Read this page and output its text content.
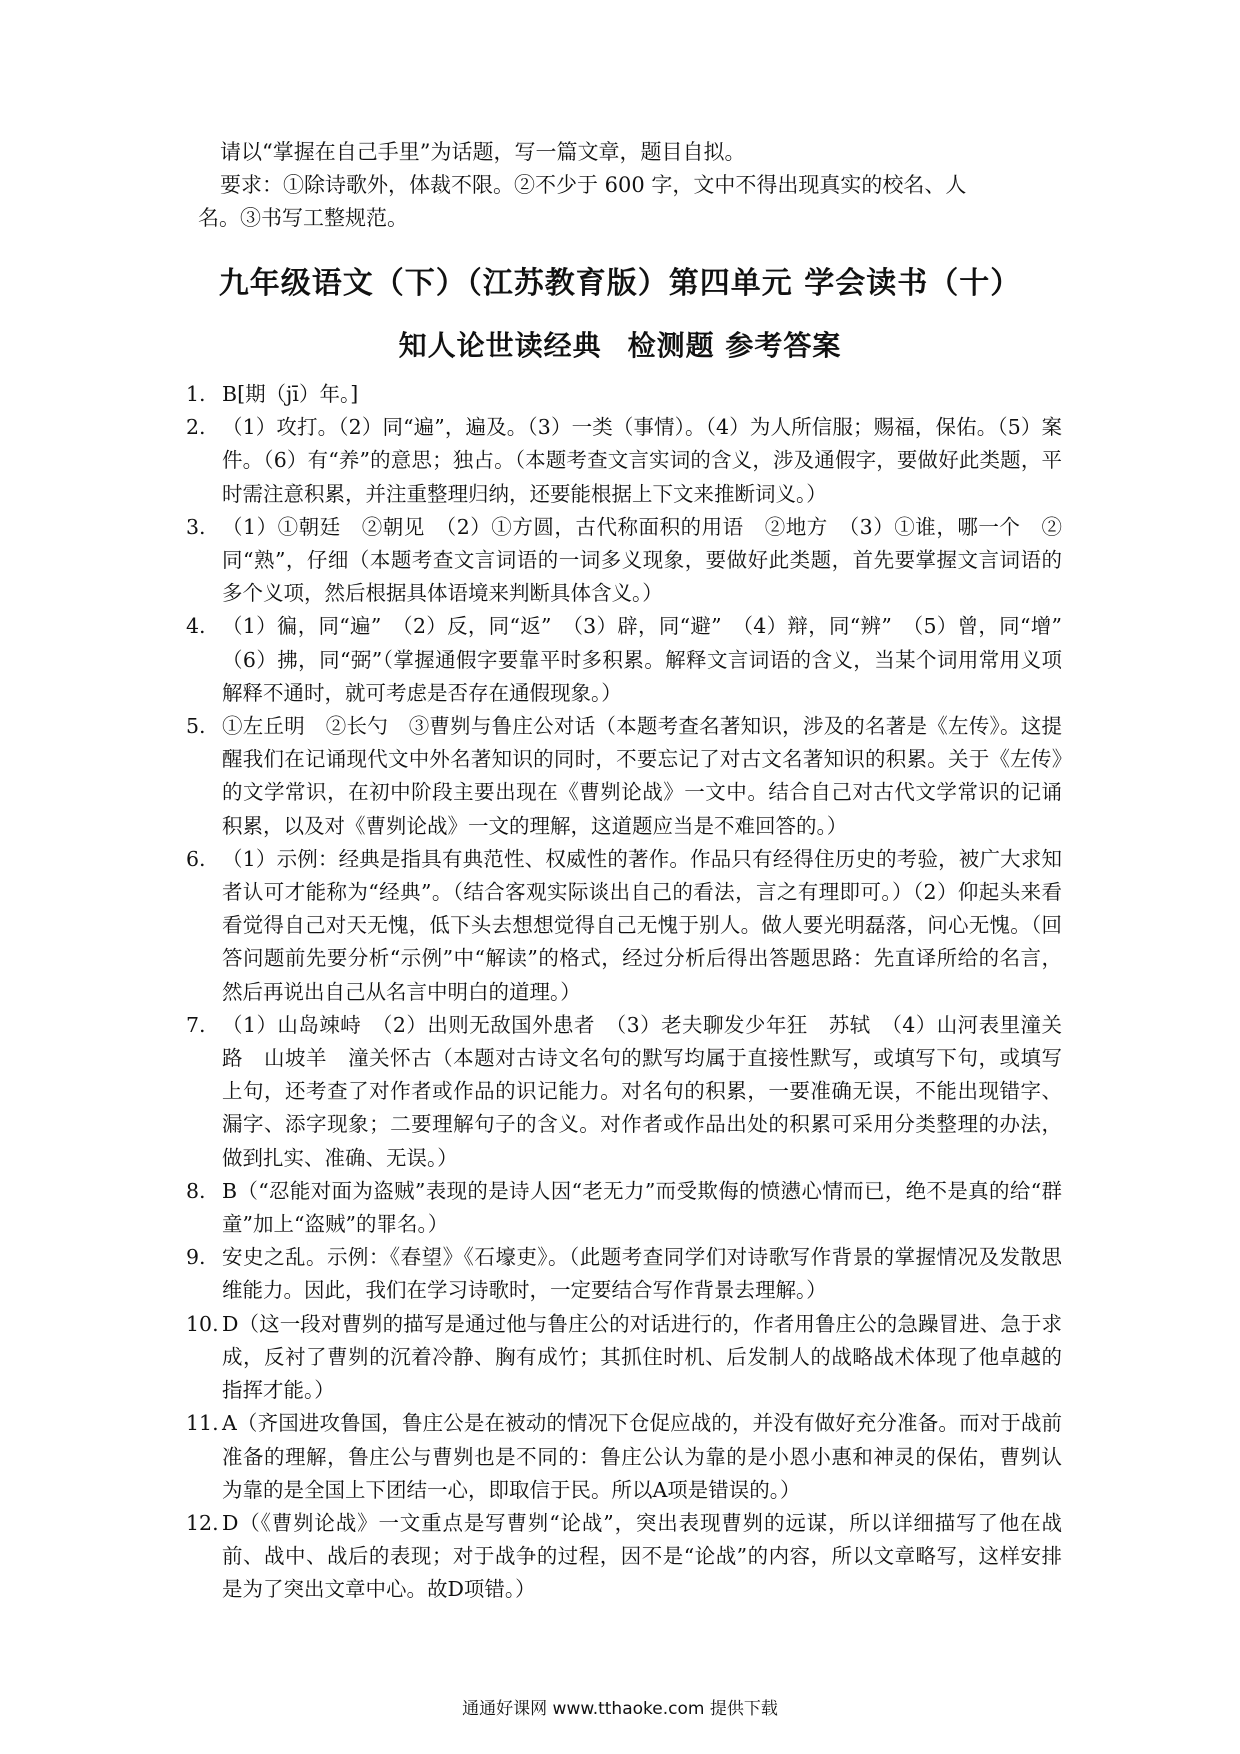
请以“掌握在自己手里”为话题，写一篇文章，题目自拟。
要求：①除诗歌外，体裁不限。②不少于 600 字，文中不得出现真实的校名、人
名。③书写工整规范。
九年级语文（下）（江苏教育版）第四单元 学会读书（十）
知人论世读经典 检测题 参考答案
1. B[期（jī）年。]
2. （1）攻打。（2）同“遍”，遍及。（3）一类（事情）。（4）为人所信服；赐福，保佑。（5）案件。（6）有“养”的意思；独占。（本题考查文言实词的含义，涉及通假字，要做好此类题，平时需注意积累，并注重整理归纳，还要能根据上下文来推断词义。）
3. （1）①朝廷　②朝见　（2）①方圆，古代称面积的用语　②地方　（3）①谁，哪一个　②同“熟”，仔细（本题考查文言词语的一词多义现象，要做好此类题，首先要掌握文言词语的多个义项，然后根据具体语境来判断具体含义。）
4. （1）徧，同“遍”　（2）反，同“返”　（3）辟，同“避”　（4）辩，同“辨”　（5）曾，同“增”　（6）拂，同“弼”（掌握通假字要靠平时多积累。解释文言词语的含义，当某个词用常用义项解释不通时，就可考虑是否存在通假现象。）
5. ①左丘明　②长勺　③曹刿与鲁庄公对话（本题考查名著知识，涉及的名著是《左传》。这提醒我们在记诵现代文中外名著知识的同时，不要忘记了对古文名著知识的积累。关于《左传》的文学常识，在初中阶段主要出现在《曹刿论战》一文中。结合自己对古代文学常识的记诵积累，以及对《曹刿论战》一文的理解，这道题应当是不难回答的。）
6. （1）示例：经典是指具有典范性、权威性的著作。作品只有经得住历史的考验，被广大求知者认可才能称为“经典”。（结合客观实际谈出自己的看法，言之有理即可。）（2）仰起头来看看觉得自己对天无愧，低下头去想想觉得自己无愧于别人。做人要光明磊落，问心无愧。（回答问题前先要分析“示例”中“解读”的格式，经过分析后得出答题思路：先直译所给的名言，然后再说出自己从名言中明白的道理。）
7. （1）山岛竦峙　（2）出则无敌国外患者　（3）老夫聊发少年狂　苏轼　（4）山河表里潼关路　山坡羊　潼关怀古（本题对古诗文名句的默写均属于直接性默写，或填写下句，或填写上句，还考查了对作者或作品的识记能力。对名句的积累，一要准确无误，不能出现错字、漏字、添字现象；二要理解句子的含义。对作者或作品出处的积累可采用分类整理的办法，做到扎实、准确、无误。）
8. B（“忍能对面为盗贼”表现的是诗人因“老无力”而受欺侮的愤懑心情而已，绝不是真的给“群童”加上“盗贼”的罪名。）
9. 安史之乱。示例：《春望》《石壕吏》。（此题考查同学们对诗歌写作背景的掌握情况及发散思维能力。因此，我们在学习诗歌时，一定要结合写作背景去理解。）
10. D（这一段对曹刿的描写是通过他与鲁庄公的对话进行的，作者用鲁庄公的急躁冒进、急于求成，反衬了曹刿的沉着冷静、胸有成竹；其抓住时机、后发制人的战略战术体现了他卓越的指挥才能。）
11. A（齐国进攻鲁国，鲁庄公是在被动的情况下仓促应战的，并没有做好充分准备。而对于战前准备的理解，鲁庄公与曹刿也是不同的：鲁庄公认为靠的是小恩小惠和神灵的保佑，曹刿认为靠的是全国上下团结一心，即取信于民。所以A项是错误的。）
12. D（《曹刿论战》一文重点是写曹刿“论战”，突出表现曹刿的远谋，所以详细描写了他在战前、战中、战后的表现；对于战争的过程，因不是“论战”的内容，所以文章略写，这样安排是为了突出文章中心。故D项错。）
通通好课网 www.tthaoke.com 提供下载
